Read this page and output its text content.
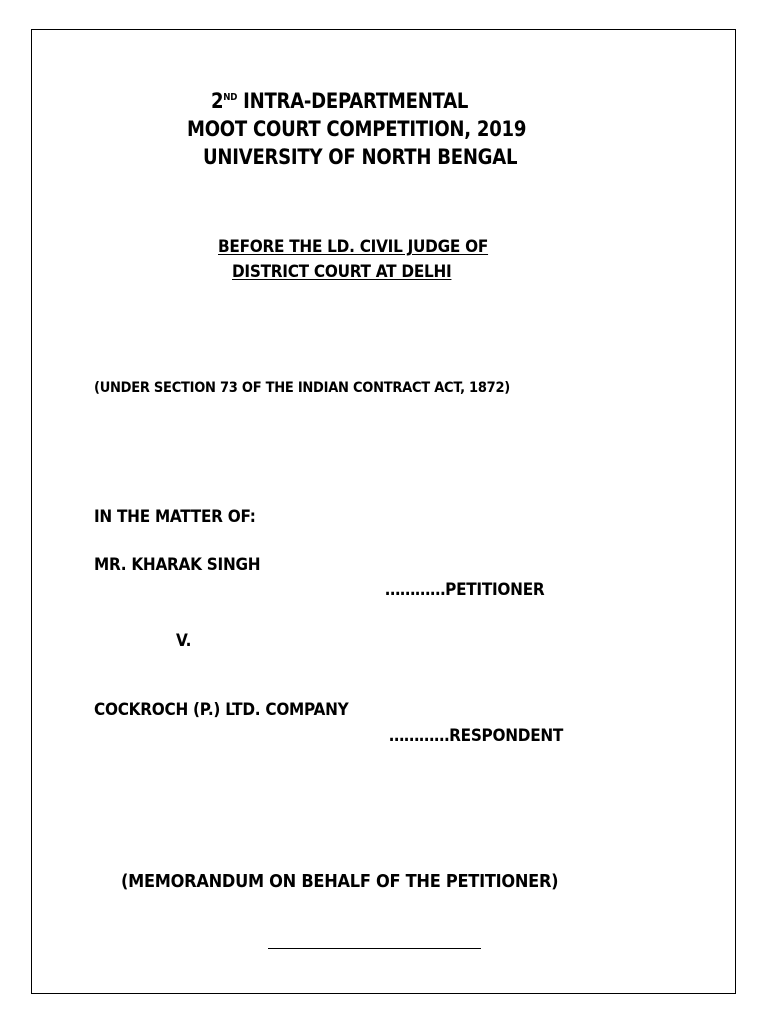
2ND INTRA-DEPARTMENTAL
MOOT COURT COMPETITION, 2019
UNIVERSITY OF NORTH BENGAL
BEFORE THE LD. CIVIL JUDGE OF
DISTRICT COURT AT DELHI
(UNDER SECTION 73 OF THE INDIAN CONTRACT ACT, 1872)
IN THE MATTER OF:
MR. KHARAK SINGH
…………PETITIONER
V.
COCKROCH (P.) LTD. COMPANY
…………RESPONDENT
(MEMORANDUM ON BEHALF OF THE PETITIONER)
